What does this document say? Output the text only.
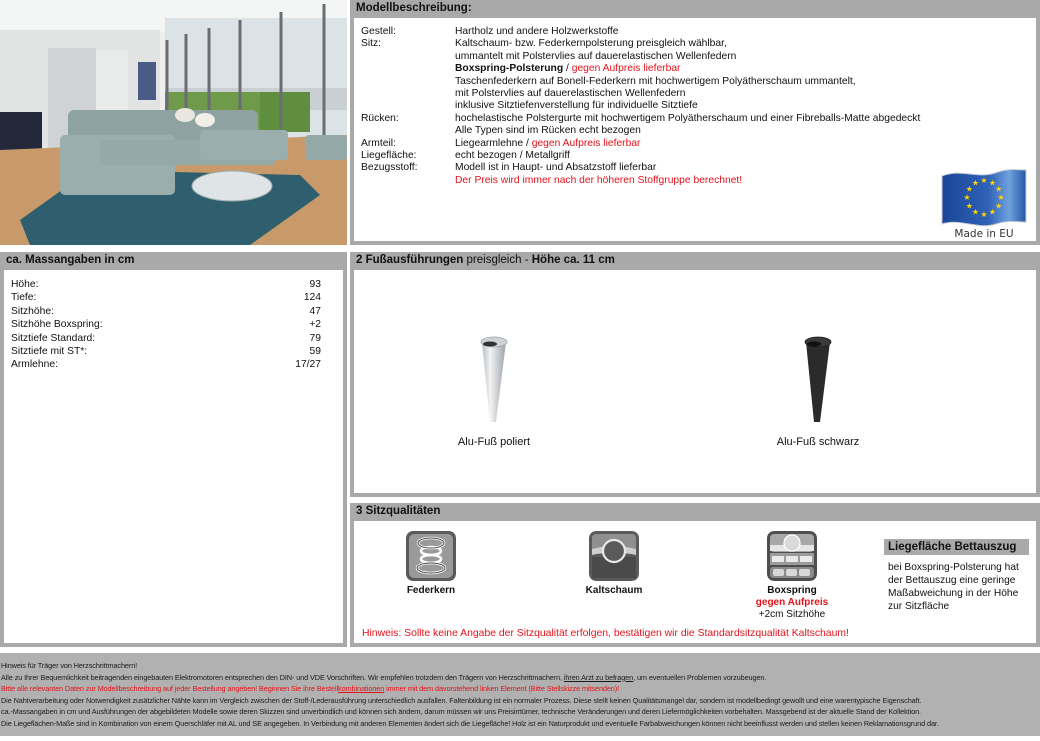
Modellbeschreibung:
Gestell:	Hartholz und andere Holzwerkstoffe
Sitz:	Kaltschaum- bzw. Federkernpolsterung preisgleich wählbar,
ummantelt mit Polstervlies auf dauerelastischen Wellenfedern
Boxspring-Polsterung / gegen Aufpreis lieferbar
Taschenfederkern auf Bonell-Federkern mit hochwertigem Polyätherschaum ummantelt,
mit Polstervlies auf dauerelastischen Wellenfedern
inklusive Sitztiefenverstellung für individuelle Sitztiefe
Rücken:	hochelastische Polstergurte mit hochwertigem Polyätherschaum und einer Fibreballs-Matte abgedeckt
Alle Typen sind im Rücken echt bezogen
Armteil:	Liegearmlehne / gegen Aufpreis lieferbar
Liegefläche:	echt bezogen / Metallgriff
Bezugsstoff:	Modell ist in Haupt- und Absatzstoff lieferbar
Der Preis wird immer nach der höheren Stoffgruppe berechnet!
★
★
★
★
★
★
★
★
★ ★ ★
★
Made in EU
ca. Massangaben in cm
Höhe:	93
Tiefe:	124
Sitzhöhe:	47
Sitzhöhe Boxspring:	+2
Sitztiefe Standard:	79
Sitztiefe mit ST*:	59
Armlehne:	17/27
2 Fußausführungen preisgleich - Höhe ca. 11 cm
Alu-Fuß poliert	Alu-Fuß schwarz
3 Sitzqualitäten
Federkern	Kaltschaum	Boxspring
gegen Aufpreis
+2cm Sitzhöhe
Hinweis: Sollte keine Angabe der Sitzqualität erfolgen, bestätigen wir die Standardsitzqualität Kaltschaum!
Liegefläche Bettauszug
bei Boxspring-Polsterung hat der Bettauszug eine geringe Maßabweichung in der Höhe zur Sitzfläche
Hinweis für Träger von Herzschrittmachern!
Alle zu Ihrer Bequemlichkeit beitragenden eingebauten Elektromotoren entsprechen den DIN- und VDE Vorschriften. Wir empfehlen trotzdem den Trägern von Herzschrittmachern, ihren Arzt zu befragen, um eventuellen Problemen vorzubeugen.
Bitte alle relevanten Daten zur Modellbeschreibung auf jeder Bestellung angeben! Beginnen Sie ihre Bestellkombinationen immer mit dem davorstehend linken Element (Bitte Stellskizze mitsenden)!
Die Nahtverarbeitung oder Notwendigkeit zusätzlicher Nähte kann im Vergleich zwischen der Stoff-/Lederausführung unterschiedlich ausfallen. Faltenbildung ist ein normaler Prozess. Diese stellt keinen Qualitätsmangel dar, sondern ist modellbedingt gewollt und eine warentypische Eigenschaft.
ca.-Massangaben in cm und Ausführungen der abgebildeten Modelle sowie deren Skizzen sind unverbindlich und können sich ändern, darum müssen wir uns Preisirrtümer, technische Veränderungen und deren Liefermöglichkeiten vorbehalten. Massgebend ist der aktuelle Stand der Kollektion.
Die Liegeflächen-Maße sind in Kombination von einem Querschläfer mit AL und SE angegeben. In Verbindung mit anderen Elementen ändert sich die Liegefläche! Holz ist ein Naturprodukt und eventuelle Farbabweichungen können nicht beeinflusst werden und stellen keinen Reklamationsgrund dar.
